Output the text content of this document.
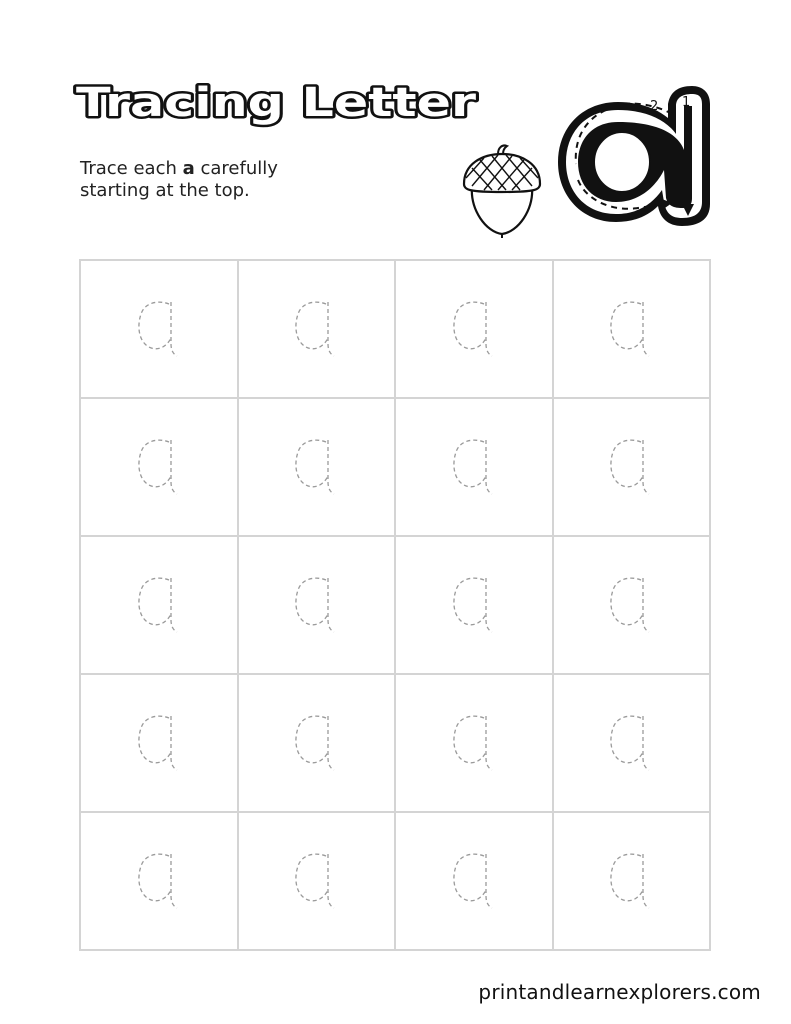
Tracing Letter
Trace each a carefully
starting at the top.
1
2
printandlearnexplorers.com
